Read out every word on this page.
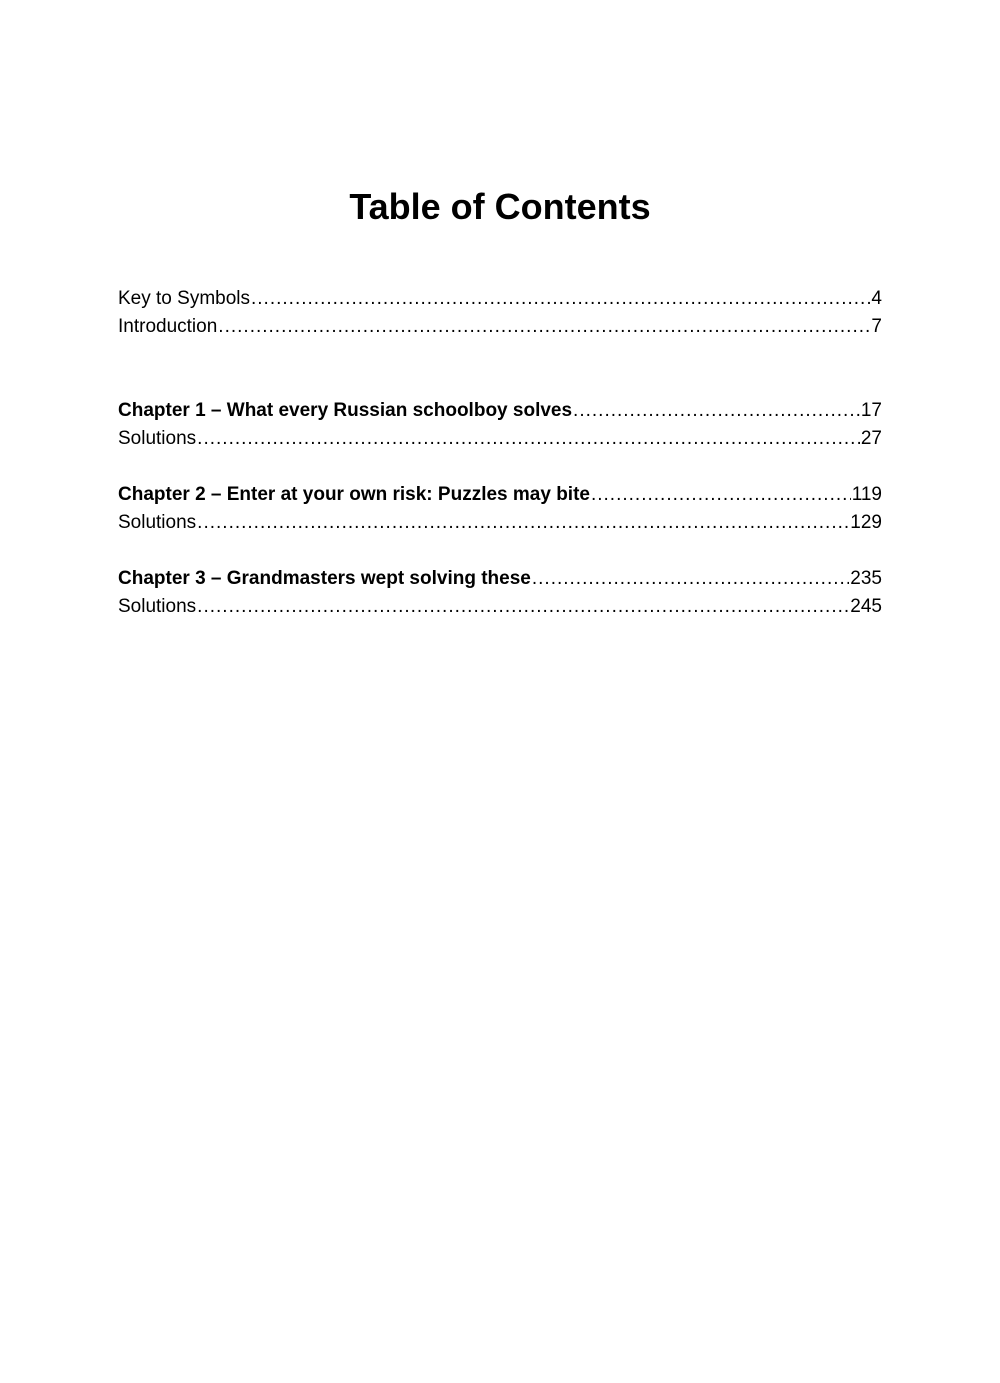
Table of Contents
Key to Symbols .....	4
Introduction .....	7
Chapter 1 – What every Russian schoolboy solves .....	17
Solutions .....	27
Chapter 2 – Enter at your own risk: Puzzles may bite .....	119
Solutions .....	129
Chapter 3 – Grandmasters wept solving these .....	235
Solutions .....	245
